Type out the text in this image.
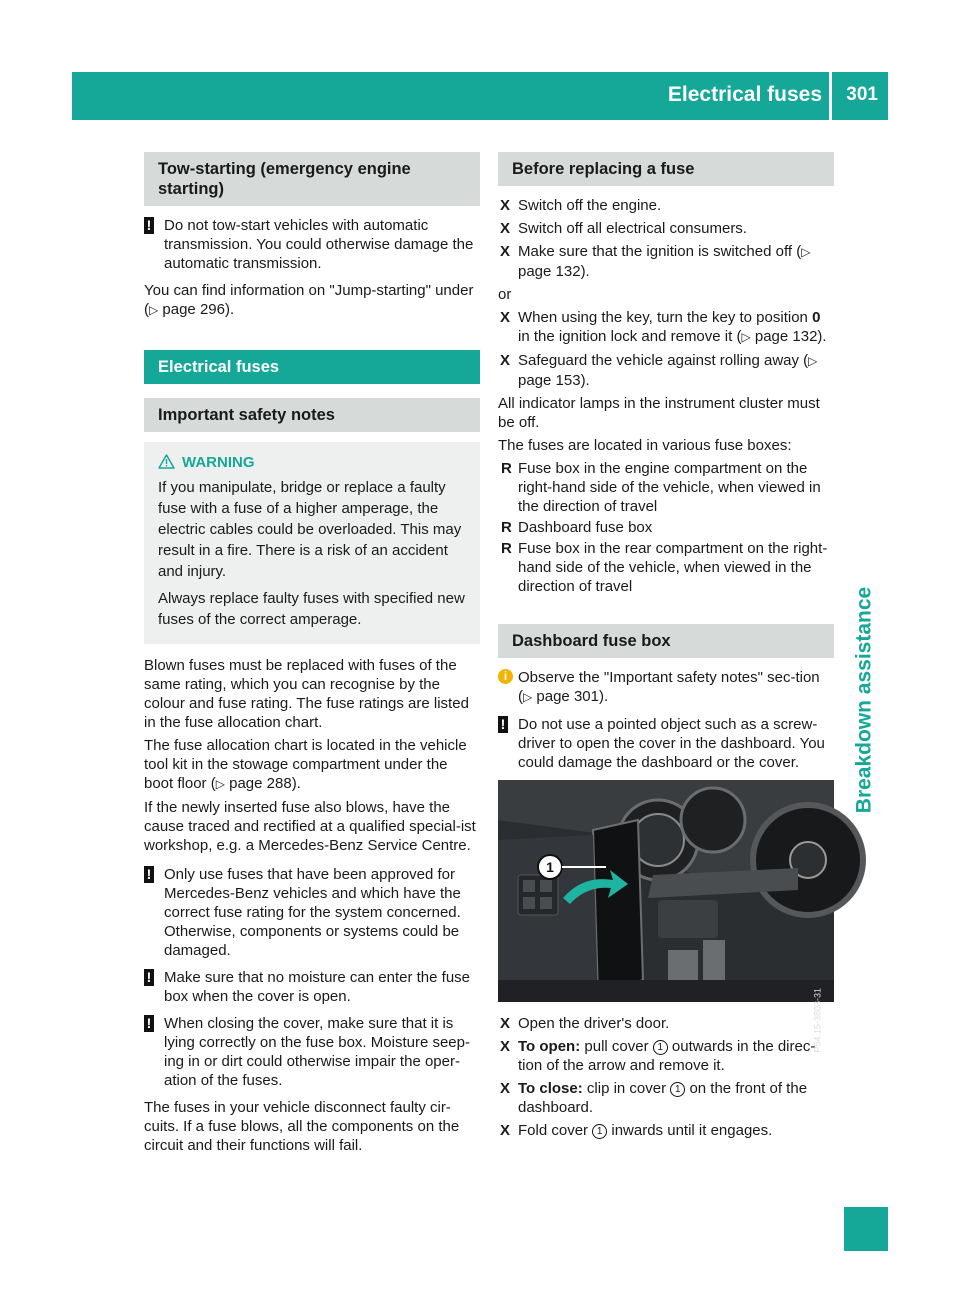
Electrical fuses 301
Breakdown assistance
Tow-starting (emergency engine starting)
! Do not tow-start vehicles with automatic transmission. You could otherwise damage the automatic transmission.

You can find information on "Jump-starting" under (▷ page 296).

Electrical fuses
Important safety notes
WARNING

If you manipulate, bridge or replace a faulty fuse with a fuse of a higher amperage, the electric cables could be overloaded. This may result in a fire. There is a risk of an accident and injury.

Always replace faulty fuses with specified new fuses of the correct amperage.

Blown fuses must be replaced with fuses of the same rating, which you can recognise by the colour and fuse rating. The fuse ratings are listed in the fuse allocation chart.

The fuse allocation chart is located in the vehicle tool kit in the stowage compartment under the boot floor (▷ page 288).

If the newly inserted fuse also blows, have the cause traced and rectified at a qualified special-ist workshop, e.g. a Mercedes-Benz Service Centre.

! Only use fuses that have been approved for Mercedes-Benz vehicles and which have the correct fuse rating for the system concerned. Otherwise, components or systems could be damaged.
! Make sure that no moisture can enter the fuse box when the cover is open.
! When closing the cover, make sure that it is lying correctly on the fuse box. Moisture seep-ing in or dirt could otherwise impair the oper-ation of the fuses.

The fuses in your vehicle disconnect faulty cir-cuits. If a fuse blows, all the components on the circuit and their functions will fail.

Before replacing a fuse
X Switch off the engine.
X Switch off all electrical consumers.
X Make sure that the ignition is switched off (▷ page 132).

or

X When using the key, turn the key to position 0 in the ignition lock and remove it (▷ page 132).
X Safeguard the vehicle against rolling away (▷ page 153).

All indicator lamps in the instrument cluster must be off.

The fuses are located in various fuse boxes:

R Fuse box in the engine compartment on the right-hand side of the vehicle, when viewed in the direction of travel
R Dashboard fuse box
R Fuse box in the rear compartment on the right-hand side of the vehicle, when viewed in the direction of travel
Dashboard fuse box
i Observe the "Important safety notes" sec-tion (▷ page 301).
! Do not use a pointed object such as a screw-driver to open the cover in the dashboard. You could damage the dashboard or the cover.
1
P54.15-3803-31
X Open the driver's door.
X To open: pull cover 1 outwards in the direc-tion of the arrow and remove it.
X To close: clip in cover 1 on the front of the dashboard.
X Fold cover 1 inwards until it engages.
